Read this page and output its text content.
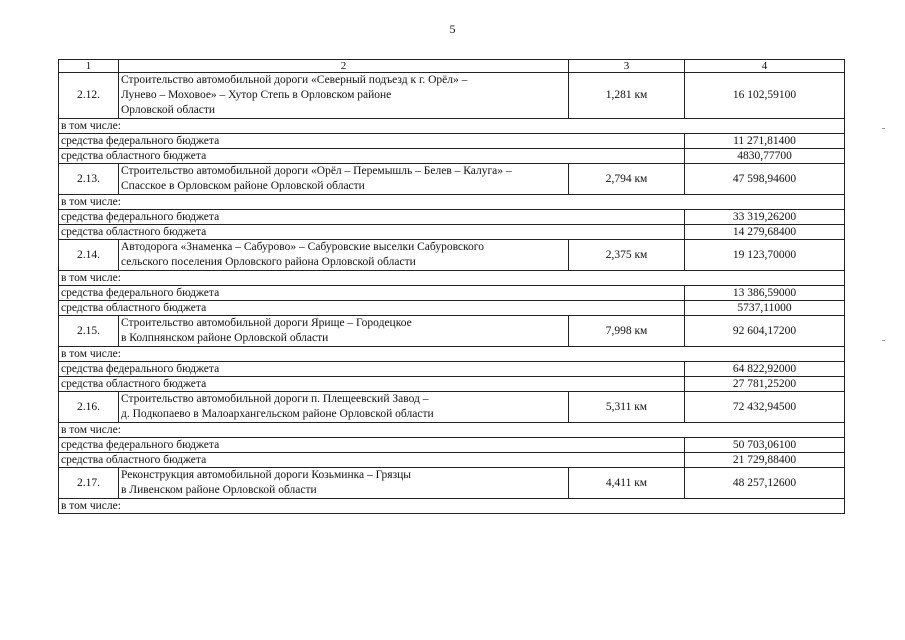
5
1	2	3	4
2.12.	Строительство автомобильной дороги «Северный подъезд к г. Орёл» –
Лунево – Моховое» – Хутор Степь в Орловском районе
Орловской области	1,281 км	16 102,59100
в том числе:			
средства федерального бюджета			11 271,81400
средства областного бюджета			4830,77700
2.13.	Строительство автомобильной дороги «Орёл – Перемышль – Белев – Калуга» –
Спасское в Орловском районе Орловской области	2,794 км	47 598,94600
в том числе:			
средства федерального бюджета			33 319,26200
средства областного бюджета			14 279,68400
2.14.	Автодорога «Знаменка – Сабурово» – Сабуровские выселки Сабуровского
сельского поселения Орловского района Орловской области	2,375 км	19 123,70000
в том числе:			
средства федерального бюджета			13 386,59000
средства областного бюджета			5737,11000
2.15.	Строительство автомобильной дороги Ярище – Городецкое
в Колпнянском районе Орловской области	7,998 км	92 604,17200
в том числе:			
средства федерального бюджета			64 822,92000
средства областного бюджета			27 781,25200
2.16.	Строительство автомобильной дороги п. Плещеевский Завод –
д. Подкопаево в Малоархангельском районе Орловской области	5,311 км	72 432,94500
в том числе:			
средства федерального бюджета			50 703,06100
средства областного бюджета			21 729,88400
2.17.	Реконструкция автомобильной дороги Козьминка – Грязцы
в Ливенском районе Орловской области	4,411 км	48 257,12600
в том числе:			
